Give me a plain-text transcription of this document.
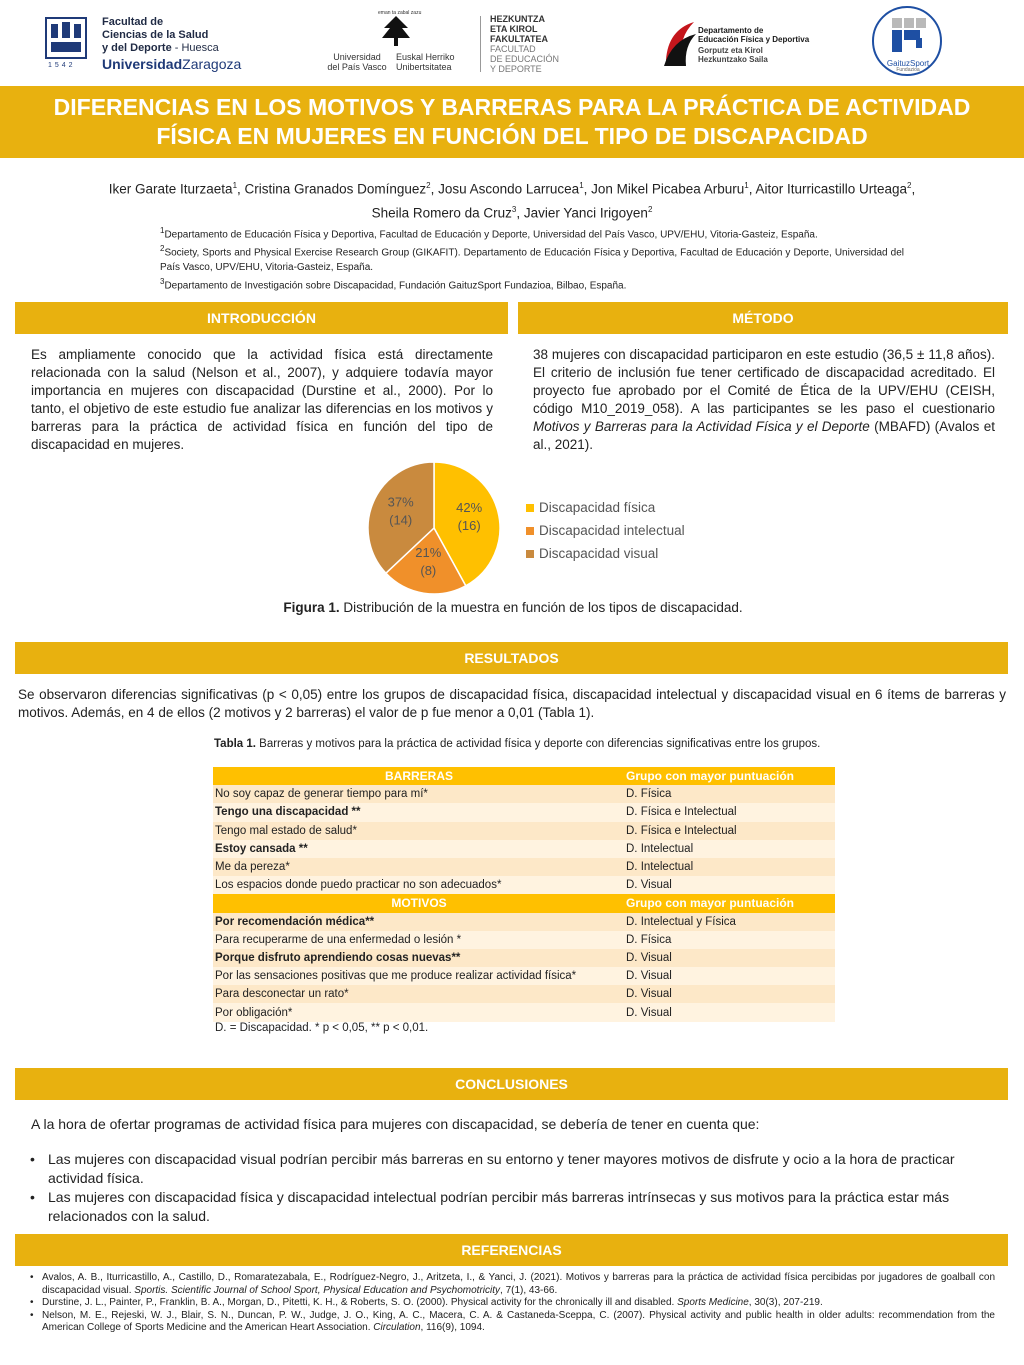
1542
Facultad de
Ciencias de la Salud
y del Deporte - Huesca
UniversidadZaragoza
eman ta zabal zazu
Universidad
del País Vasco
Euskal Herriko
Unibertsitatea
HEZKUNTZA
ETA KIROL
FAKULTATEA
FACULTAD
DE EDUCACIÓN
Y DEPORTE
Departamento de
Educación Física y Deportiva
Gorputz eta Kirol
Hezkuntzako Saila	GaituzSport
Fundazioa
DIFERENCIAS EN LOS MOTIVOS Y BARRERAS PARA LA PRÁCTICA DE ACTIVIDAD FÍSICA EN MUJERES EN FUNCIÓN DEL TIPO DE DISCAPACIDAD
Iker Garate Iturzaeta$^1$, Cristina Granados Domínguez$^2$, Josu Ascondo Larrucea$^1$, Jon Mikel Picabea Arburu$^1$, Aitor Iturricastillo Urteaga$^2$,
Sheila Romero da Cruz$^3$, Javier Yanci Irigoyen$^2$
$^1$Departamento de Educación Física y Deportiva, Facultad de Educación y Deporte, Universidad del País Vasco, UPV/EHU, Vitoria-Gasteiz, España.
$^2$Society, Sports and Physical Exercise Research Group (GIKAFIT). Departamento de Educación Física y Deportiva, Facultad de Educación y Deporte, Universidad del País Vasco, UPV/EHU, Vitoria-Gasteiz, España.
$^3$Departamento de Investigación sobre Discapacidad, Fundación GaituzSport Fundazioa, Bilbao, España.
INTRODUCCIÓN	MÉTODO
Es ampliamente conocido que la actividad física está directamente relacionada con la salud (Nelson et al., 2007), y adquiere todavía mayor importancia en mujeres con discapacidad (Durstine et al., 2000). Por lo tanto, el objetivo de este estudio fue analizar las diferencias en los motivos y barreras para la práctica de actividad física en función del tipo de discapacidad en mujeres.
38 mujeres con discapacidad participaron en este estudio (36,5 ± 11,8 años). El criterio de inclusión fue tener certificado de discapacidad acreditado. El proyecto fue aprobado por el Comité de Ética de la UPV/EHU (CEISH, código M10_2019_058). A las participantes se les paso el cuestionario Motivos y Barreras para la Actividad Física y el Deporte (MBAFD) (Avalos et al., 2021).
42%
(16)
21%
(8)
37%
(14)
Discapacidad física
Discapacidad intelectual
Discapacidad visual
Figura 1. Distribución de la muestra en función de los tipos de discapacidad.
RESULTADOS
Se observaron diferencias significativas (p < 0,05) entre los grupos de discapacidad física, discapacidad intelectual y discapacidad visual en 6 ítems de barreras y motivos. Además, en 4 de ellos (2 motivos y 2 barreras) el valor de p fue menor a 0,01 (Tabla 1).
Tabla 1. Barreras y motivos para la práctica de actividad física y deporte con diferencias significativas entre los grupos.
BARRERAS	Grupo con mayor puntuación
No soy capaz de generar tiempo para mí*	D. Física
Tengo una discapacidad **	D. Física e Intelectual
Tengo mal estado de salud*	D. Física e Intelectual
Estoy cansada **	D. Intelectual
Me da pereza*	D. Intelectual
Los espacios donde puedo practicar no son adecuados*	D. Visual
MOTIVOS	Grupo con mayor puntuación
Por recomendación médica**	D. Intelectual y Física
Para recuperarme de una enfermedad o lesión *	D. Física
Porque disfruto aprendiendo cosas nuevas**	D. Visual
Por las sensaciones positivas que me produce realizar actividad física*	D. Visual
Para desconectar un rato*	D. Visual
Por obligación*	D. Visual
D. = Discapacidad. * p < 0,05, ** p < 0,01.
CONCLUSIONES
A la hora de ofertar programas de actividad física para mujeres con discapacidad, se debería de tener en cuenta que:
• Las mujeres con discapacidad visual podrían percibir más barreras en su entorno y tener mayores motivos de disfrute y ocio a la hora de practicar actividad física.
• Las mujeres con discapacidad física y discapacidad intelectual podrían percibir más barreras intrínsecas y sus motivos para la práctica estar más relacionados con la salud.
REFERENCIAS
• Avalos, A. B., Iturricastillo, A., Castillo, D., Romaratezabala, E., Rodríguez-Negro, J., Aritzeta, I., & Yanci, J. (2021). Motivos y barreras para la práctica de actividad física percibidas por jugadores de goalball con discapacidad visual. Sportis. Scientific Journal of School Sport, Physical Education and Psychomotricity, 7(1), 43-66.
• Durstine, J. L., Painter, P., Franklin, B. A., Morgan, D., Pitetti, K. H., & Roberts, S. O. (2000). Physical activity for the chronically ill and disabled. Sports Medicine, 30(3), 207-219.
• Nelson, M. E., Rejeski, W. J., Blair, S. N., Duncan, P. W., Judge, J. O., King, A. C., Macera, C. A. & Castaneda-Sceppa, C. (2007). Physical activity and public health in older adults: recommendation from the American College of Sports Medicine and the American Heart Association. Circulation, 116(9), 1094.
